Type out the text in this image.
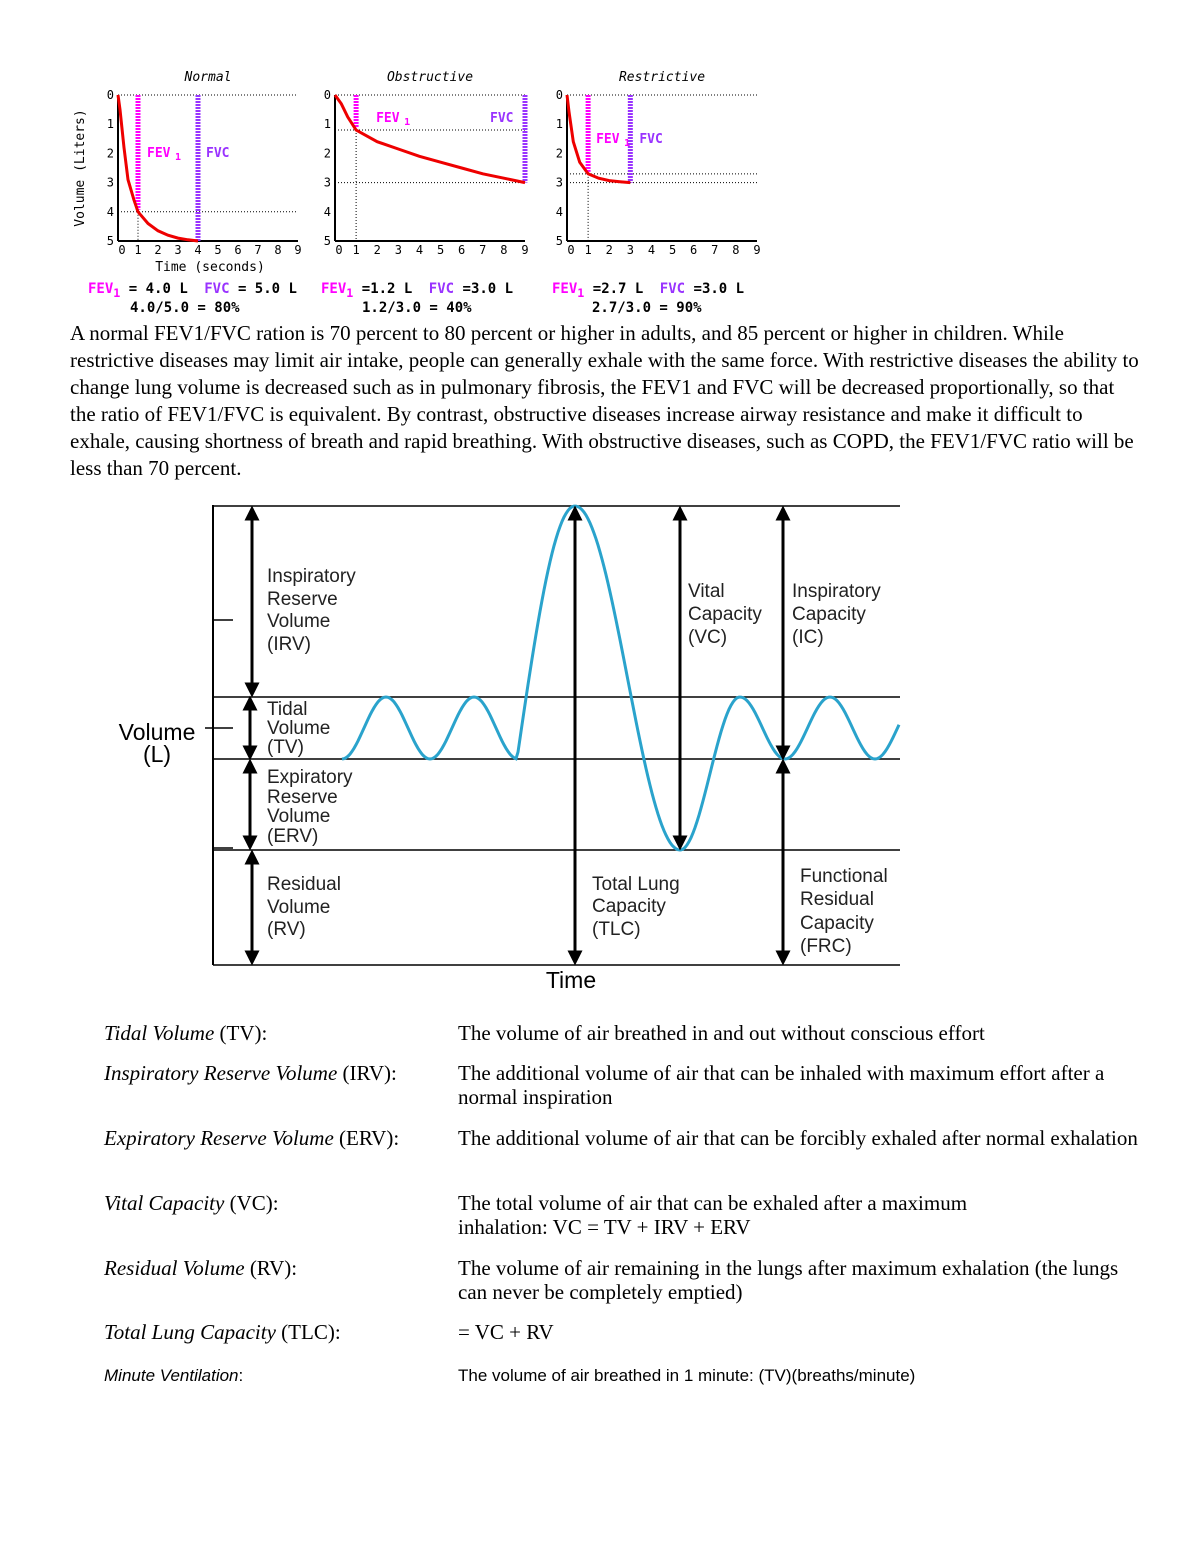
Volume (Liters)
Time (seconds)
0
1
2
3
4
5
0 1 2 3 4 5 6 7 8 9
FEV 1 FVC
0
1
2
3
4
5
0 1 2 3 4 5 6 7 8 9
FEV 1	FVC
0
1
2
3
4
5
0 1 2 3 4 5 6 7 8 9
FEV 1 FVC
Normal	Obstructive	Restrictive
$FEV_1 = 4.0$ L FVC = 5.0 L
4.0/5.0 = 80%
$FEV_1 =1.2$ L FVC =3.0 L
1.2/3.0 = 40%
$FEV_1 =2.7$ L FVC =3.0 L
2.7/3.0 = 90%
A normal FEV1/FVC ration is 70 percent to 80 percent or higher in adults, and 85 percent or higher in children. While restrictive diseases may limit air intake, people can generally exhale with the same force. With restrictive diseases the ability to change lung volume is decreased such as in pulmonary fibrosis, the FEV1 and FVC will be decreased proportionally, so that the ratio of FEV1/FVC is equivalent. By contrast, obstructive diseases increase airway resistance and make it difficult to exhale, causing shortness of breath and rapid breathing. With obstructive diseases, such as COPD, the FEV1/FVC ratio will be less than 70 percent.
Volume
(L)
Time
Inspiratory
Reserve
Volume
(IRV)
Tidal
Volume
(TV)
Expiratory
Reserve
Volume
(ERV)
Residual
Volume
(RV)
Vital
Capacity
(VC)
Inspiratory
Capacity
(IC)
Total Lung
Capacity
(TLC)
Functional
Residual
Capacity
(FRC)
Tidal Volume (TV):	The volume of air breathed in and out without conscious effort
Inspiratory Reserve Volume (IRV):	The additional volume of air that can be inhaled with maximum effort after a normal inspiration
Expiratory Reserve Volume (ERV):	The additional volume of air that can be forcibly exhaled after normal exhalation
Vital Capacity (VC):	The total volume of air that can be exhaled after a maximum inhalation: VC = TV + IRV + ERV
Residual Volume (RV):	The volume of air remaining in the lungs after maximum exhalation (the lungs can never be completely emptied)
Total Lung Capacity (TLC):	= VC + RV
Minute Ventilation:	The volume of air breathed in 1 minute: (TV)(breaths/minute)
